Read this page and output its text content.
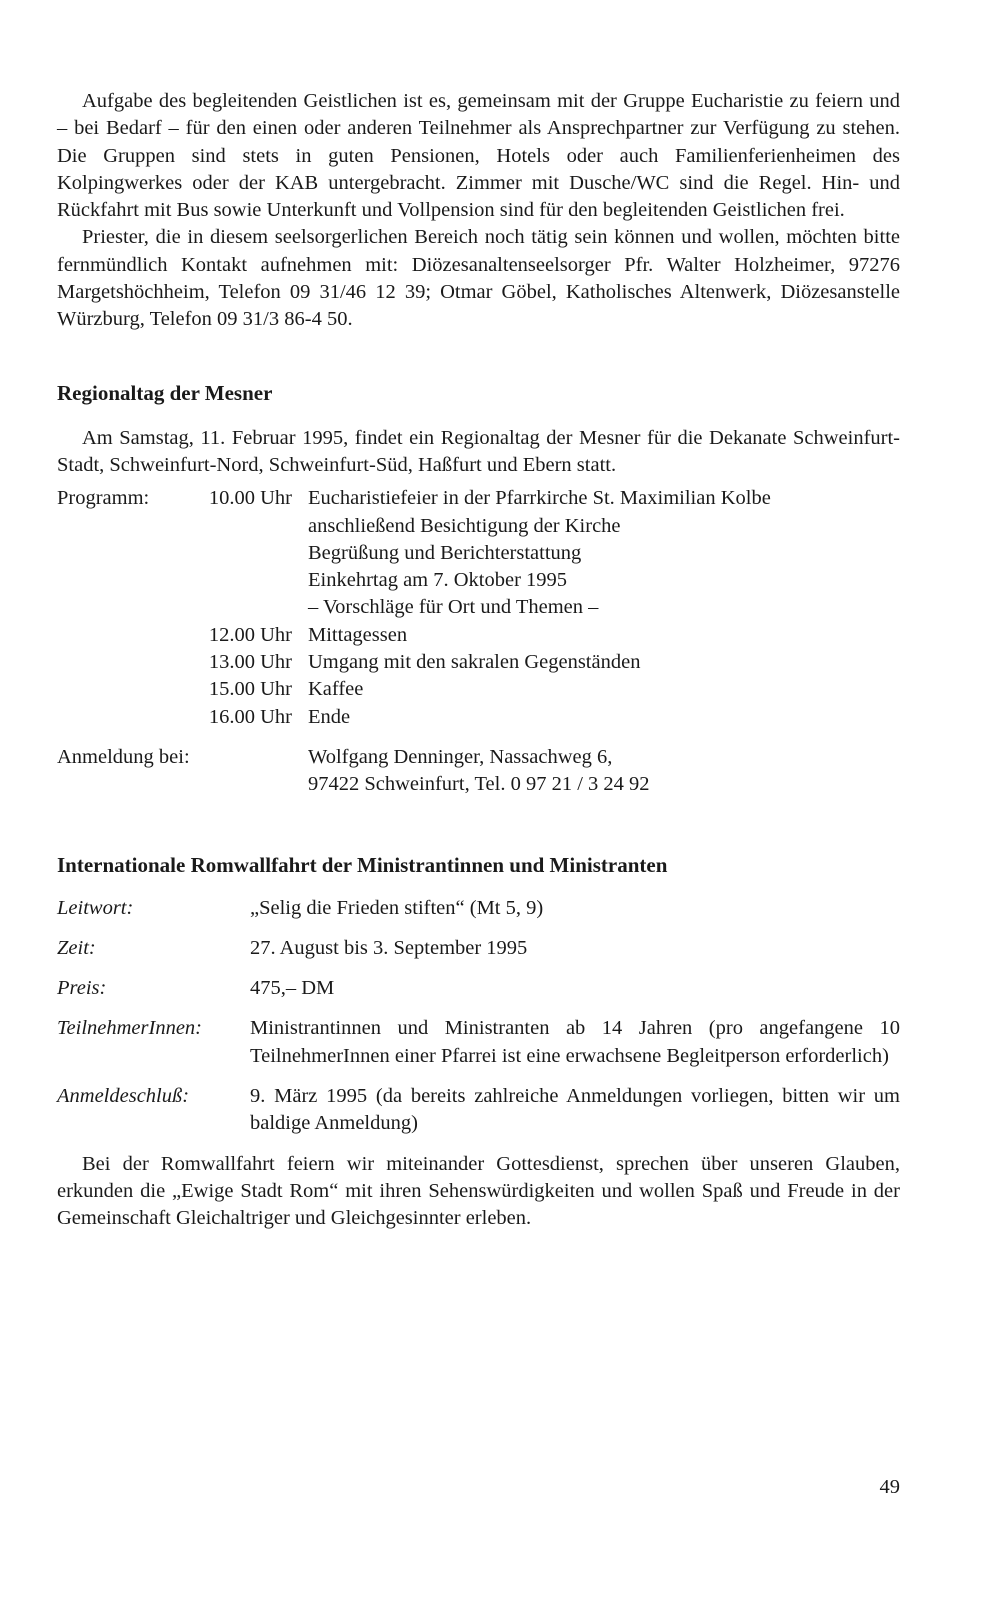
Aufgabe des begleitenden Geistlichen ist es, gemeinsam mit der Gruppe Eucharistie zu feiern und – bei Bedarf – für den einen oder anderen Teilnehmer als Ansprechpartner zur Verfügung zu stehen. Die Gruppen sind stets in guten Pensionen, Hotels oder auch Familienferienheimen des Kolpingwerkes oder der KAB untergebracht. Zimmer mit Dusche/WC sind die Regel. Hin- und Rückfahrt mit Bus sowie Unterkunft und Vollpension sind für den begleitenden Geistlichen frei.

Priester, die in diesem seelsorgerlichen Bereich noch tätig sein können und wollen, möchten bitte fernmündlich Kontakt aufnehmen mit: Diözesanaltenseelsorger Pfr. Walter Holzheimer, 97276 Margetshöchheim, Telefon 09 31/46 12 39; Otmar Göbel, Katholisches Altenwerk, Diözesanstelle Würzburg, Telefon 09 31/3 86-4 50.

Regionaltag der Mesner

Am Samstag, 11. Februar 1995, findet ein Regionaltag der Mesner für die Dekanate Schweinfurt-Stadt, Schweinfurt-Nord, Schweinfurt-Süd, Haßfurt und Ebern statt.

Programm:	10.00 Uhr	Eucharistiefeier in der Pfarrkirche St. Maximilian Kolbe
anschließend Besichtigung der Kirche
Begrüßung und Berichterstattung
Einkehrtag am 7. Oktober 1995
– Vorschläge für Ort und Themen –

	12.00 Uhr	Mittagessen
	13.00 Uhr	Umgang mit den sakralen Gegenständen
	15.00 Uhr	Kaffee
	16.00 Uhr	Ende
Anmeldung bei:		Wolfgang Denninger, Nassachweg 6,
97422 Schweinfurt, Tel. 0 97 21 / 3 24 92
Internationale Romwallfahrt der Ministrantinnen und Ministranten
Leitwort:	„Selig die Frieden stiften“ (Mt 5, 9)
Zeit:	27. August bis 3. September 1995
Preis:	475,– DM
TeilnehmerInnen:	Ministrantinnen und Ministranten ab 14 Jahren (pro angefangene 10 TeilnehmerInnen einer Pfarrei ist eine erwachsene Begleitperson erforderlich)
Anmeldeschluß:	9. März 1995 (da bereits zahlreiche Anmeldungen vorliegen, bitten wir um baldige Anmeldung)

Bei der Romwallfahrt feiern wir miteinander Gottesdienst, sprechen über unseren Glauben, erkunden die „Ewige Stadt Rom“ mit ihren Sehenswürdigkeiten und wollen Spaß und Freude in der Gemeinschaft Gleichaltriger und Gleichgesinnter erleben.

49
